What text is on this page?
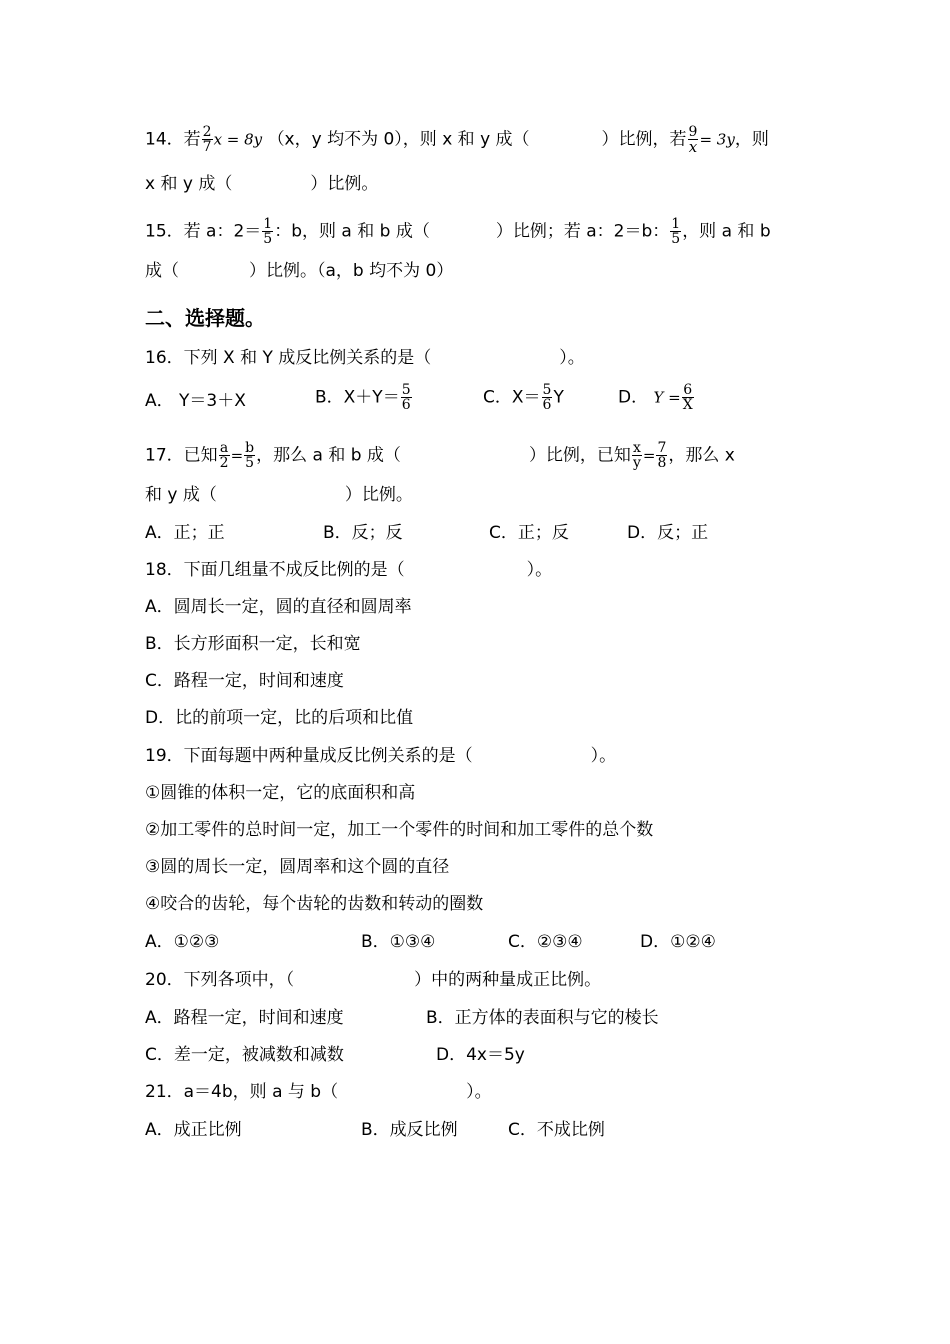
14．若 $\frac{2}{7}$ x = 8y （x，y 均不为 0），则 x 和 y 成（	）比例，若 $\frac{9}{x} = 3y$，则
x 和 y 成（	）比例。
15．若 a：$2= \frac{1}{5}$ ：b，则 a 和 b 成（	）比例；若 a：2＝b： $\frac{1}{5}$ ，则 a 和 b
成（	）比例。（a，b 均不为 0）
二、选择题。
16．下列 X 和 Y 成反比例关系的是（	）。
A． Y＝3＋X	B．$X+Y= \frac{5}{6}$	C．$X= \frac{5}{6}$ Y	D． $Y = \frac{6}{X}$
17．已知 $\frac{a}{2} = \frac{b}{5}$ ，那么 a 和 b 成（	）比例，已知 $\frac{x}{y} = \frac{7}{8}$ ，那么 x
和 y 成（	）比例。
A．正；正	B．反；反	C．正；反	D．反；正
18．下面几组量不成反比例的是（	）。
A．圆周长一定，圆的直径和圆周率
B．长方形面积一定，长和宽
C．路程一定，时间和速度
D．比的前项一定，比的后项和比值
19．下面每题中两种量成反比例关系的是（	）。
①圆锥的体积一定，它的底面积和高
②加工零件的总时间一定，加工一个零件的时间和加工零件的总个数
③圆的周长一定，圆周率和这个圆的直径
④咬合的齿轮，每个齿轮的齿数和转动的圈数
A．①②③	B．①③④	C．②③④	D．①②④
20．下列各项中，（	）中的两种量成正比例。
A．路程一定，时间和速度	B．正方体的表面积与它的棱长
C．差一定，被减数和减数	D．4x＝5y
21．a＝4b，则 a 与 b（	）。
A．成正比例	B．成反比例	C．不成比例
